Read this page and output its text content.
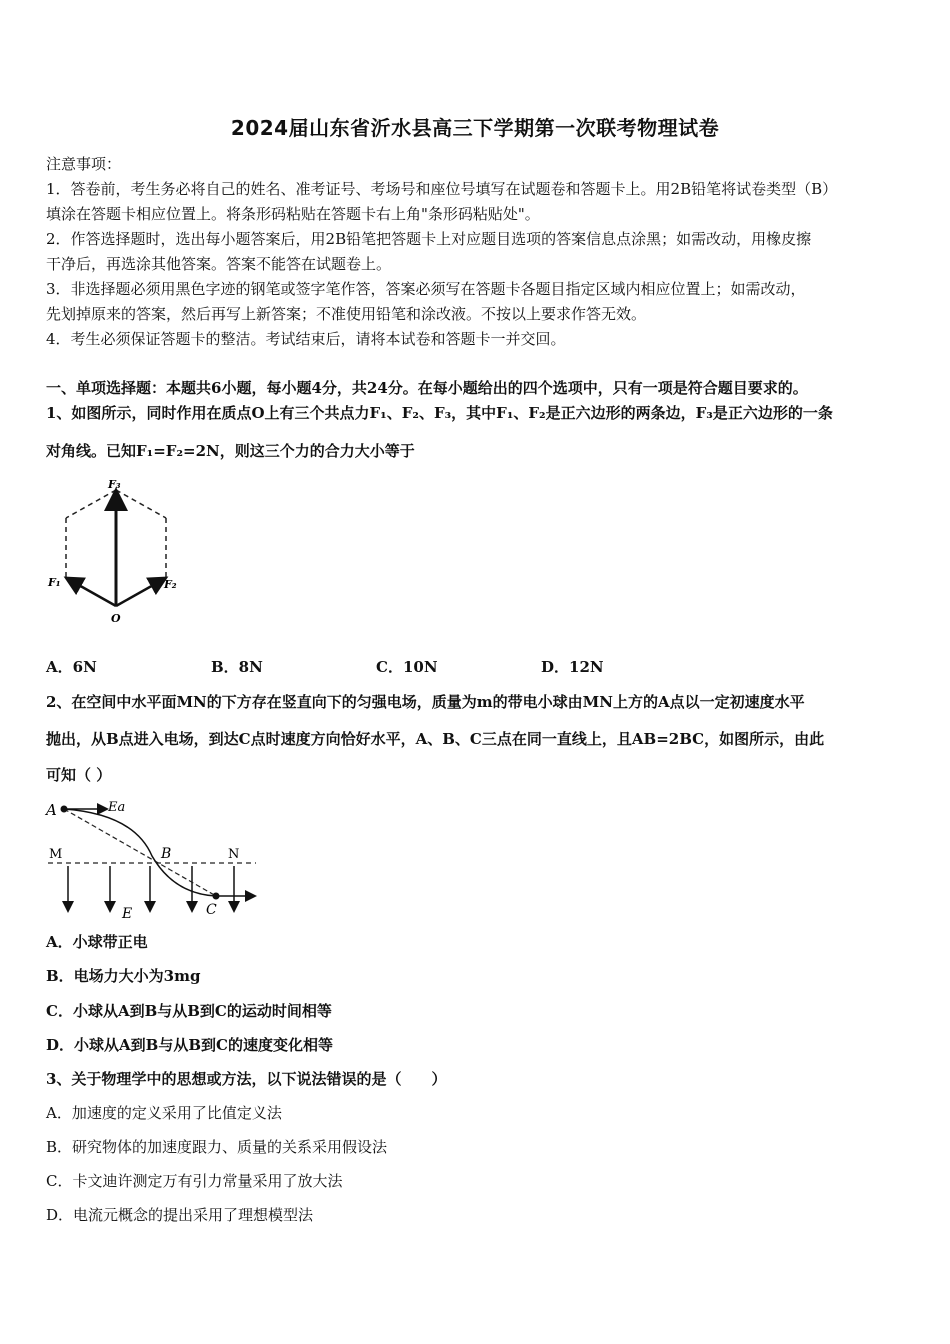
2024届山东省沂水县高三下学期第一次联考物理试卷
注意事项：
1．答卷前，考生务必将自己的姓名、准考证号、考场号和座位号填写在试题卷和答题卡上。用2B铅笔将试卷类型（B）
填涂在答题卡相应位置上。将条形码粘贴在答题卡右上角"条形码粘贴处"。
2．作答选择题时，选出每小题答案后，用2B铅笔把答题卡上对应题目选项的答案信息点涂黑；如需改动，用橡皮擦
干净后，再选涂其他答案。答案不能答在试题卷上。
3．非选择题必须用黑色字迹的钢笔或签字笔作答，答案必须写在答题卡各题目指定区域内相应位置上；如需改动，
先划掉原来的答案，然后再写上新答案；不准使用铅笔和涂改液。不按以上要求作答无效。
4．考生必须保证答题卡的整洁。考试结束后，请将本试卷和答题卡一并交回。
一、单项选择题：本题共6小题，每小题4分，共24分。在每小题给出的四个选项中，只有一项是符合题目要求的。
1、如图所示，同时作用在质点O上有三个共点力F₁、F₂、F₃，其中F₁、F₂是正六边形的两条边，F₃是正六边形的一条
对角线。已知F₁=F₂=2N，则这三个力的合力大小等于
F₃
F₁	F₂
O
A．6N	B．8N	C．10N	D．12N
2、在空间中水平面MN的下方存在竖直向下的匀强电场，质量为m的带电小球由MN上方的A点以一定初速度水平
抛出，从B点进入电场，到达C点时速度方向恰好水平，A、B、C三点在同一直线上，且AB=2BC，如图所示，由此
可知（ ）
A	Ea
M	B	N
E	C
A．小球带正电
B．电场力大小为3mg
C．小球从A到B与从B到C的运动时间相等
D．小球从A到B与从B到C的速度变化相等
3、关于物理学中的思想或方法，以下说法错误的是（　　）
A．加速度的定义采用了比值定义法
B．研究物体的加速度跟力、质量的关系采用假设法
C．卡文迪许测定万有引力常量采用了放大法
D．电流元概念的提出采用了理想模型法
